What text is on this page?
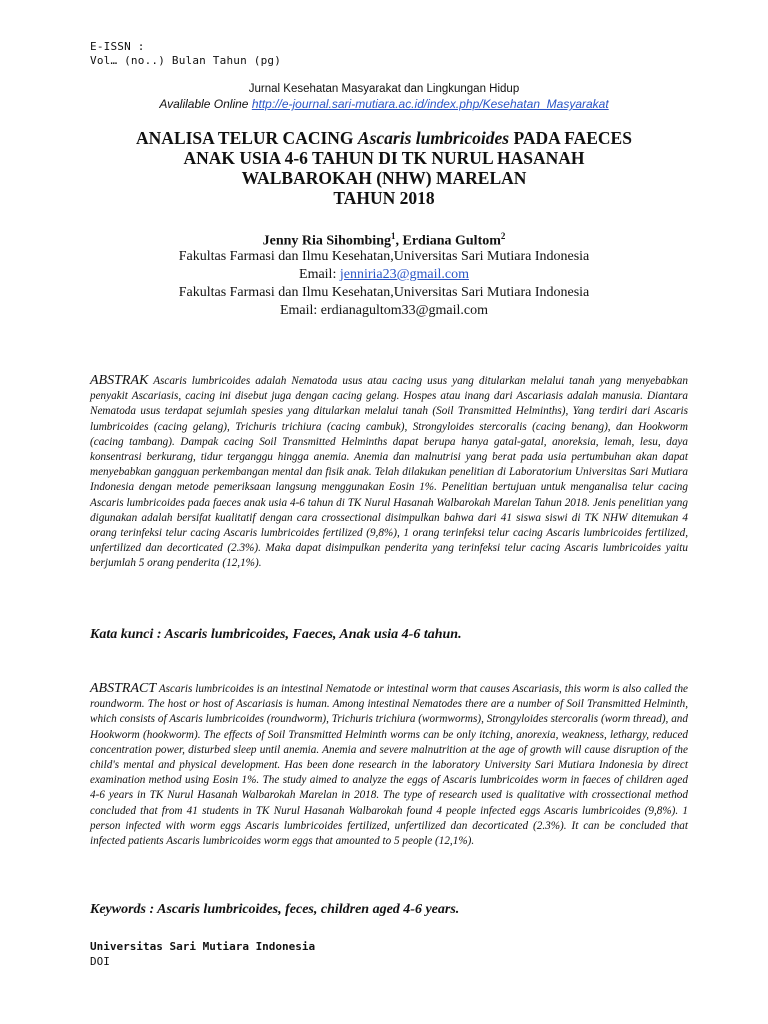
E-ISSN :
Vol… (no..) Bulan Tahun (pg)
Jurnal Kesehatan Masyarakat dan Lingkungan Hidup
Avalilable Online http://e-journal.sari-mutiara.ac.id/index.php/Kesehatan_Masyarakat
ANALISA TELUR CACING Ascaris lumbricoides PADA FAECES
ANAK USIA 4-6 TAHUN DI TK NURUL HASANAH
WALBAROKAH (NHW) MARELAN
TAHUN 2018
Jenny Ria Sihombing$^1$, Erdiana Gultom$^2$
Fakultas Farmasi dan Ilmu Kesehatan,Universitas Sari Mutiara Indonesia
Email: jenniria23@gmail.com
Fakultas Farmasi dan Ilmu Kesehatan,Universitas Sari Mutiara Indonesia
Email: erdianagultom33@gmail.com
ABSTRAK Ascaris lumbricoides adalah Nematoda usus atau cacing usus yang ditularkan melalui tanah yang menyebabkan penyakit Ascariasis, cacing ini disebut juga dengan cacing gelang. Hospes atau inang dari Ascariasis adalah manusia. Diantara Nematoda usus terdapat sejumlah spesies yang ditularkan melalui tanah (Soil Transmitted Helminths), Yang terdiri dari Ascaris lumbricoides (cacing gelang), Trichuris trichiura (cacing cambuk), Strongyloides stercoralis (cacing benang), dan Hookworm (cacing tambang). Dampak cacing Soil Transmitted Helminths dapat berupa hanya gatal-gatal, anoreksia, lemah, lesu, daya konsentrasi berkurang, tidur terganggu hingga anemia. Anemia dan malnutrisi yang berat pada usia pertumbuhan akan dapat menyebabkan gangguan perkembangan mental dan fisik anak. Telah dilakukan penelitian di Laboratorium Universitas Sari Mutiara Indonesia dengan metode pemeriksaan langsung menggunakan Eosin 1%. Penelitian bertujuan untuk menganalisa telur cacing Ascaris lumbricoides pada faeces anak usia 4-6 tahun di TK Nurul Hasanah Walbarokah Marelan Tahun 2018. Jenis penelitian yang digunakan adalah bersifat kualitatif dengan cara crossectional disimpulkan bahwa dari 41 siswa siswi di TK NHW ditemukan 4 orang terinfeksi telur cacing Ascaris lumbricoides fertilized (9,8%), 1 orang terinfeksi telur cacing Ascaris lumbricoides fertilized, unfertilized dan decorticated (2.3%). Maka dapat disimpulkan penderita yang terinfeksi telur cacing Ascaris lumbricoides yaitu berjumlah 5 orang penderita (12,1%).
Kata kunci : Ascaris lumbricoides, Faeces, Anak usia 4-6 tahun.
ABSTRACT Ascaris lumbricoides is an intestinal Nematode or intestinal worm that causes Ascariasis, this worm is also called the roundworm. The host or host of Ascariasis is human. Among intestinal Nematodes there are a number of Soil Transmitted Helminth, which consists of Ascaris lumbricoides (roundworm), Trichuris trichiura (wormworms), Strongyloides stercoralis (worm thread), and Hookworm (hookworm). The effects of Soil Transmitted Helminth worms can be only itching, anorexia, weakness, lethargy, reduced concentration power, disturbed sleep until anemia. Anemia and severe malnutrition at the age of growth will cause disruption of the child's mental and physical development. Has been done research in the laboratory University Sari Mutiara Indonesia by direct examination method using Eosin 1%. The study aimed to analyze the eggs of Ascaris lumbricoides worm in faeces of children aged 4-6 years in TK Nurul Hasanah Walbarokah Marelan in 2018. The type of research used is qualitative with crossectional method concluded that from 41 students in TK Nurul Hasanah Walbarokah found 4 people infected eggs Ascaris lumbricoides (9,8%). 1 person infected with worm eggs Ascaris lumbricoides fertilized, unfertilized dan decorticated (2.3%). It can be concluded that infected patients Ascaris lumbricoides worm eggs that amounted to 5 people (12,1%).
Keywords : Ascaris lumbricoides, feces, children aged 4-6 years.
Universitas Sari Mutiara Indonesia
DOI
